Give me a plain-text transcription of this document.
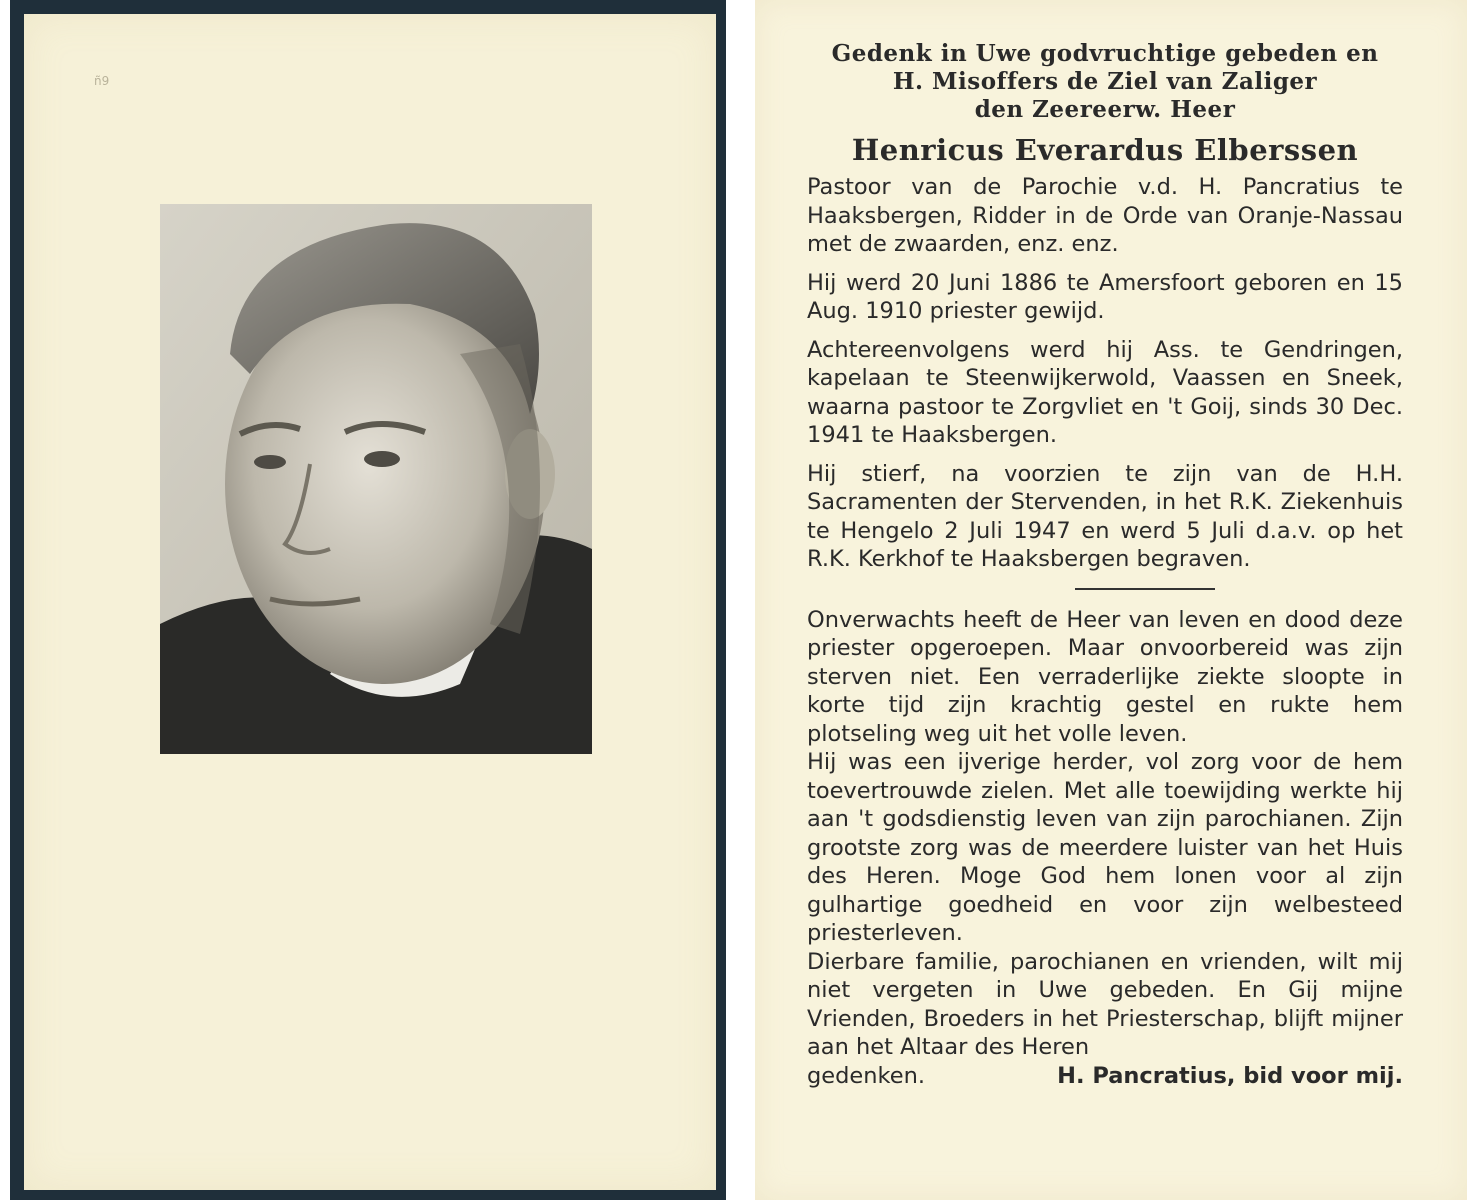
ñ9
Gedenk in Uwe godvruchtige gebeden en
H. Misoffers de Ziel van Zaliger
den Zeereerw. Heer
Henricus Everardus Elberssen
Pastoor van de Parochie v.d. H. Pancratius te Haaksbergen, Ridder in de Orde van Oranje-Nassau met de zwaarden, enz. enz.
Hij werd 20 Juni 1886 te Amersfoort geboren en 15 Aug. 1910 priester gewijd.
Achtereenvolgens werd hij Ass. te Gendringen, kapelaan te Steenwijkerwold, Vaassen en Sneek, waarna pastoor te Zorgvliet en 't Goij, sinds 30 Dec. 1941 te Haaksbergen.
Hij stierf, na voorzien te zijn van de H.H. Sacramenten der Stervenden, in het R.K. Ziekenhuis te Hengelo 2 Juli 1947 en werd 5 Juli d.a.v. op het R.K. Kerkhof te Haaksbergen begraven.
Onverwachts heeft de Heer van leven en dood deze priester opgeroepen. Maar onvoorbereid was zijn sterven niet. Een verraderlijke ziekte sloopte in korte tijd zijn krachtig gestel en rukte hem plotseling weg uit het volle leven.
Hij was een ijverige herder, vol zorg voor de hem toevertrouwde zielen. Met alle toewijding werkte hij aan 't godsdienstig leven van zijn parochianen. Zijn grootste zorg was de meerdere luister van het Huis des Heren. Moge God hem lonen voor al zijn gulhartige goedheid en voor zijn welbesteed priesterleven.
Dierbare familie, parochianen en vrienden, wilt mij niet vergeten in Uwe gebeden. En Gij mijne Vrienden, Broeders in het Priesterschap, blijft mijner aan het Altaar des Heren
gedenken.	H. Pancratius, bid voor mij.
